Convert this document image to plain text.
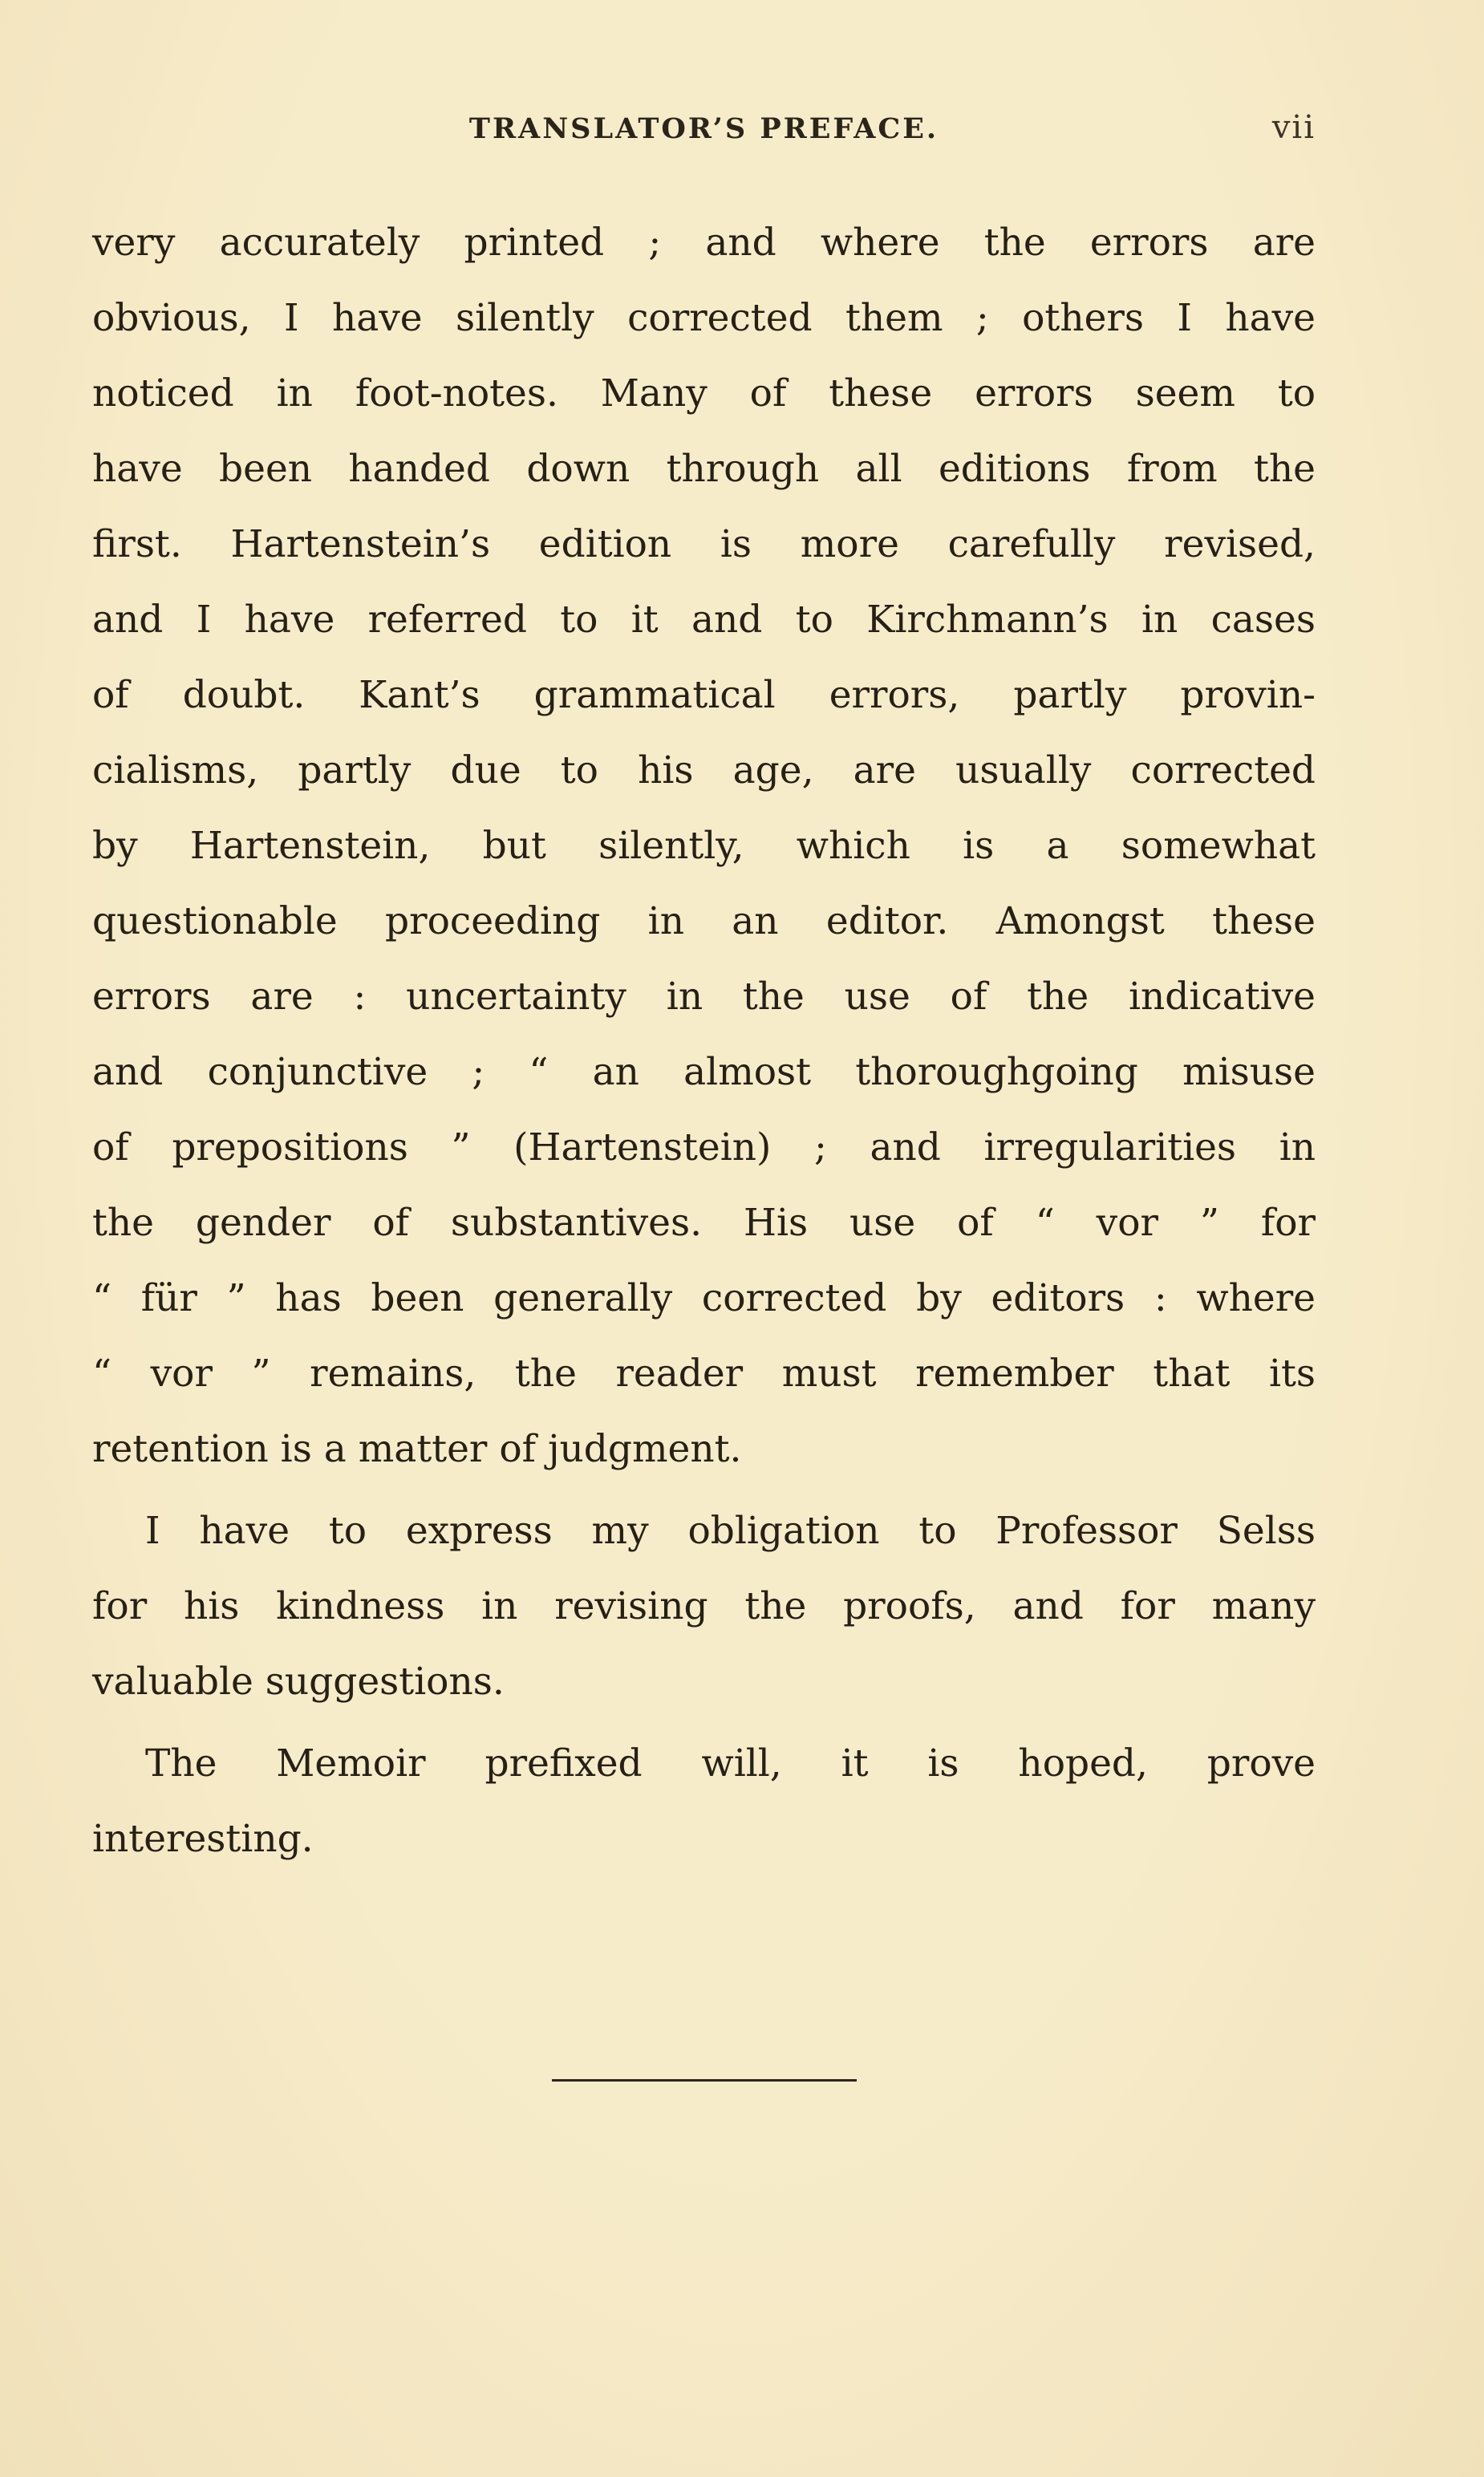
TRANSLATOR’S PREFACE.	vii
very accurately printed ; and where the errors are
obvious, I have silently corrected them ; others I have
noticed in foot-notes. Many of these errors seem to
have been handed down through all editions from the
first. Hartenstein’s edition is more carefully revised,
and I have referred to it and to Kirchmann’s in cases
of doubt. Kant’s grammatical errors, partly provin-
cialisms, partly due to his age, are usually corrected
by Hartenstein, but silently, which is a somewhat
questionable proceeding in an editor. Amongst these
errors are : uncertainty in the use of the indicative
and conjunctive ; “ an almost thoroughgoing misuse
of prepositions ” (Hartenstein) ; and irregularities in
the gender of substantives. His use of “ vor ” for
“ für ” has been generally corrected by editors : where
“ vor ” remains, the reader must remember that its
retention is a matter of judgment.
I have to express my obligation to Professor Selss
for his kindness in revising the proofs, and for many
valuable suggestions.
The Memoir prefixed will, it is hoped, prove
interesting.
